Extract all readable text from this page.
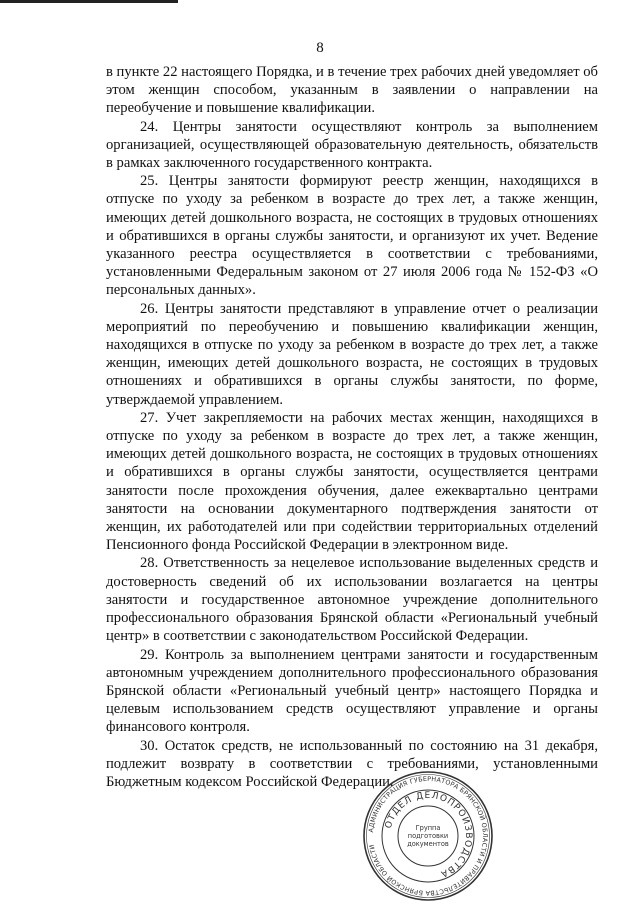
8

в пункте 22 настоящего Порядка, и в течение трех рабочих дней уведомляет об этом женщин способом, указанным в заявлении о направлении на переобучение и повышение квалификации.

24. Центры занятости осуществляют контроль за выполнением организацией, осуществляющей образовательную деятельность, обязательств в рамках заключенного государственного контракта.

25. Центры занятости формируют реестр женщин, находящихся в отпуске по уходу за ребенком в возрасте до трех лет, а также женщин, имеющих детей дошкольного возраста, не состоящих в трудовых отношениях и обратившихся в органы службы занятости, и организуют их учет. Ведение указанного реестра осуществляется в соответствии с требованиями, установленными Федеральным законом от 27 июля 2006 года № 152-ФЗ «О персональных данных».

26. Центры занятости представляют в управление отчет о реализации мероприятий по переобучению и повышению квалификации женщин, находящихся в отпуске по уходу за ребенком в возрасте до трех лет, а также женщин, имеющих детей дошкольного возраста, не состоящих в трудовых отношениях и обратившихся в органы службы занятости, по форме, утверждаемой управлением.

27. Учет закрепляемости на рабочих местах женщин, находящихся в отпуске по уходу за ребенком в возрасте до трех лет, а также женщин, имеющих детей дошкольного возраста, не состоящих в трудовых отношениях и обратившихся в органы службы занятости, осуществляется центрами занятости после прохождения обучения, далее ежеквартально центрами занятости на основании документарного подтверждения занятости от женщин, их работодателей или при содействии территориальных отделений Пенсионного фонда Российской Федерации в электронном виде.

28. Ответственность за нецелевое использование выделенных средств и достоверность сведений об их использовании возлагается на центры занятости и государственное автономное учреждение дополнительного профессионального образования Брянской области «Региональный учебный центр» в соответствии с законодательством Российской Федерации.

29. Контроль за выполнением центрами занятости и государственным автономным учреждением дополнительного профессионального образования Брянской области «Региональный учебный центр» настоящего Порядка и целевым использованием средств осуществляют управление и органы финансового контроля.

30. Остаток средств, не использованный по состоянию на 31 декабря, подлежит возврату в соответствии с требованиями, установленными Бюджетным кодексом Российской Федерации.

АДМИНИСТРАЦИЯ ГУБЕРНАТОРА БРЯНСКОЙ ОБЛАСТИ И ПРАВИТЕЛЬСТВА БРЯНСКОЙ ОБЛАСТИ
ОТДЕЛ ДЕЛОПРОИЗВОДСТВА
Группа
подготовки
документов
